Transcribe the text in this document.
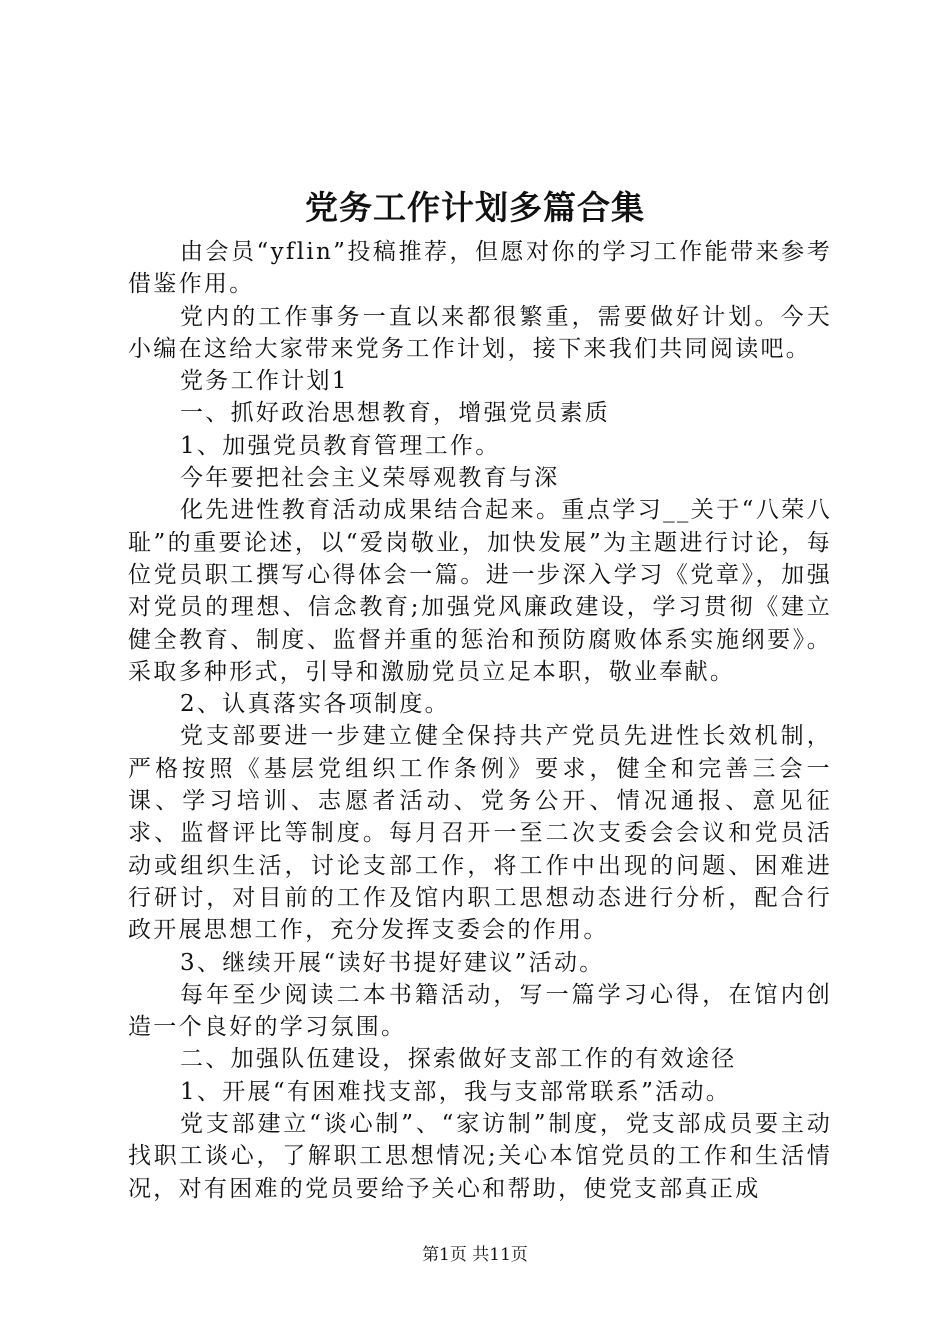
党务工作计划多篇合集

由会员“yflin”投稿推荐，但愿对你的学习工作能带来参考借鉴作用。

党内的工作事务一直以来都很繁重，需要做好计划。今天小编在这给大家带来党务工作计划，接下来我们共同阅读吧。

党务工作计划1

一、抓好政治思想教育，增强党员素质

1、加强党员教育管理工作。

今年要把社会主义荣辱观教育与深

化先进性教育活动成果结合起来。重点学习__关于“八荣八耻”的重要论述，以“爱岗敬业，加快发展”为主题进行讨论，每位党员职工撰写心得体会一篇。进一步深入学习《党章》，加强对党员的理想、信念教育;加强党风廉政建设，学习贯彻《建立健全教育、制度、监督并重的惩治和预防腐败体系实施纲要》。采取多种形式，引导和激励党员立足本职，敬业奉献。

2、认真落实各项制度。

党支部要进一步建立健全保持共产党员先进性长效机制，严格按照《基层党组织工作条例》要求，健全和完善三会一课、学习培训、志愿者活动、党务公开、情况通报、意见征求、监督评比等制度。每月召开一至二次支委会会议和党员活动或组织生活，讨论支部工作，将工作中出现的问题、困难进行研讨，对目前的工作及馆内职工思想动态进行分析，配合行政开展思想工作，充分发挥支委会的作用。

3、继续开展“读好书提好建议”活动。

每年至少阅读二本书籍活动，写一篇学习心得，在馆内创造一个良好的学习氛围。

二、加强队伍建设，探索做好支部工作的有效途径

1、开展“有困难找支部，我与支部常联系”活动。

党支部建立“谈心制”、“家访制”制度，党支部成员要主动找职工谈心，了解职工思想情况;关心本馆党员的工作和生活情况，对有困难的党员要给予关心和帮助，使党支部真正成

第1页 共11页
